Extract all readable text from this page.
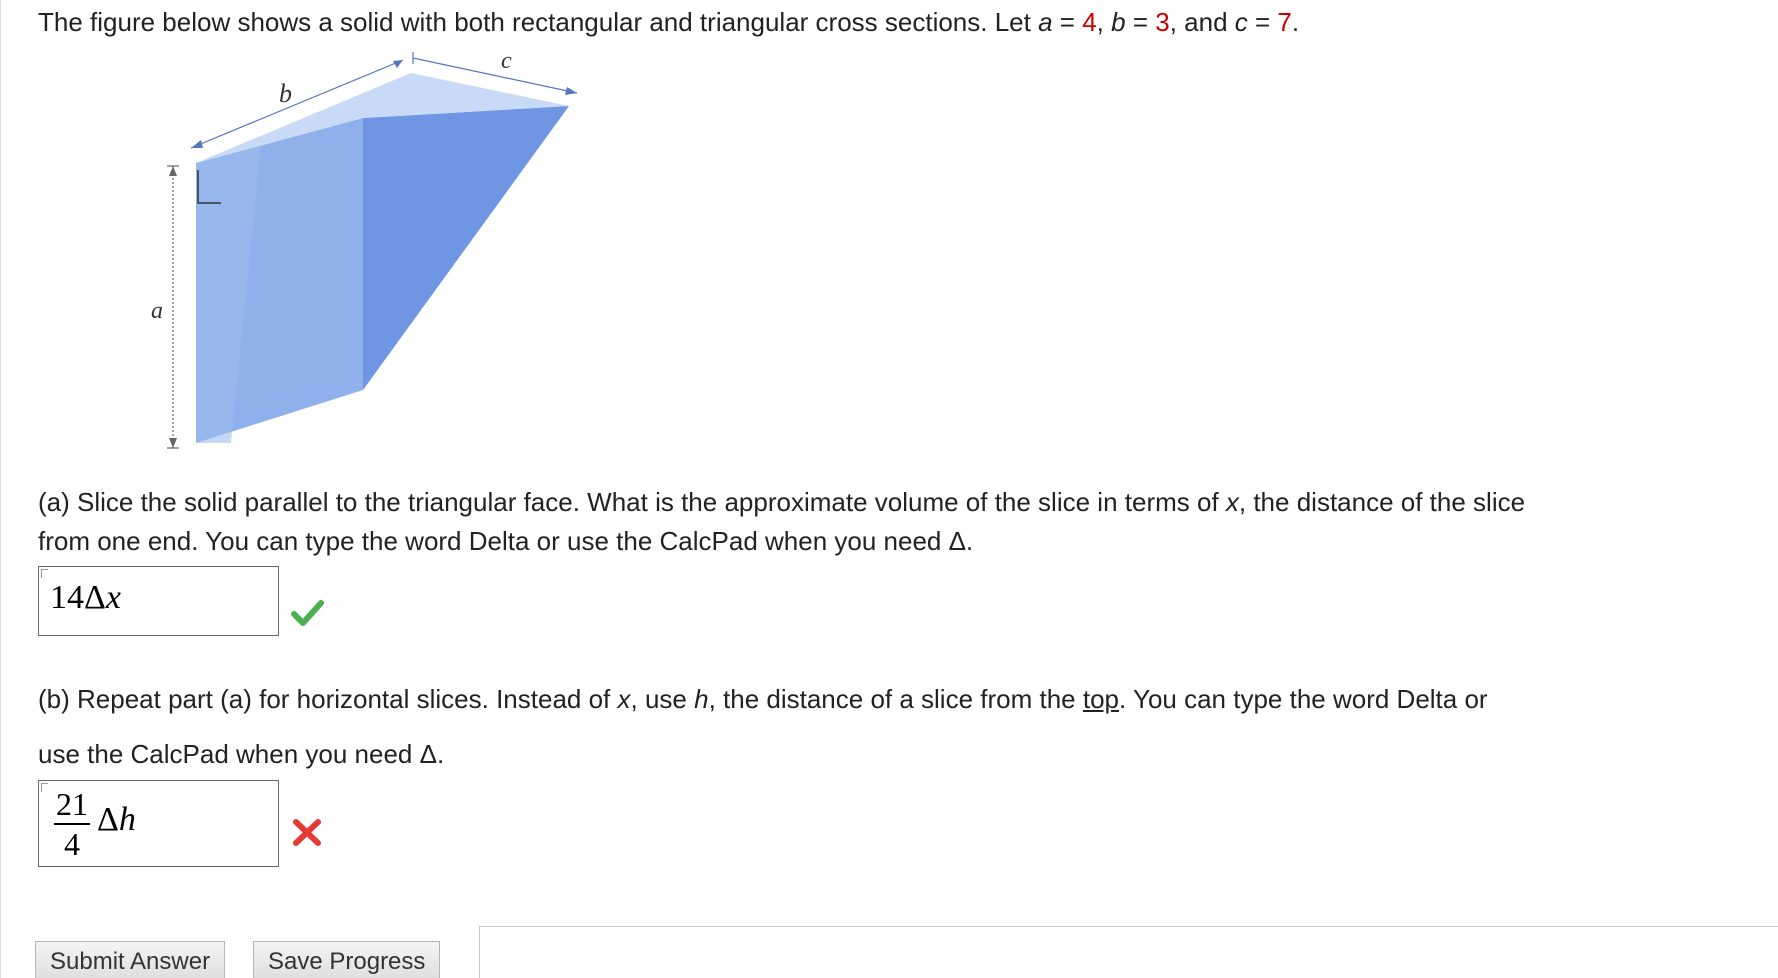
The figure below shows a solid with both rectangular and triangular cross sections. Let a = 4, b = 3, and c = 7.
b
c
a
(a) Slice the solid parallel to the triangular face. What is the approximate volume of the slice in terms of x, the distance of the slice
from one end. You can type the word Delta or use the CalcPad when you need Δ.
14Δx
(b) Repeat part (a) for horizontal slices. Instead of x, use h, the distance of a slice from the top. You can type the word Delta or
use the CalcPad when you need Δ.
$\frac{21}{4}$ Δh
Submit Answer	Save Progress
